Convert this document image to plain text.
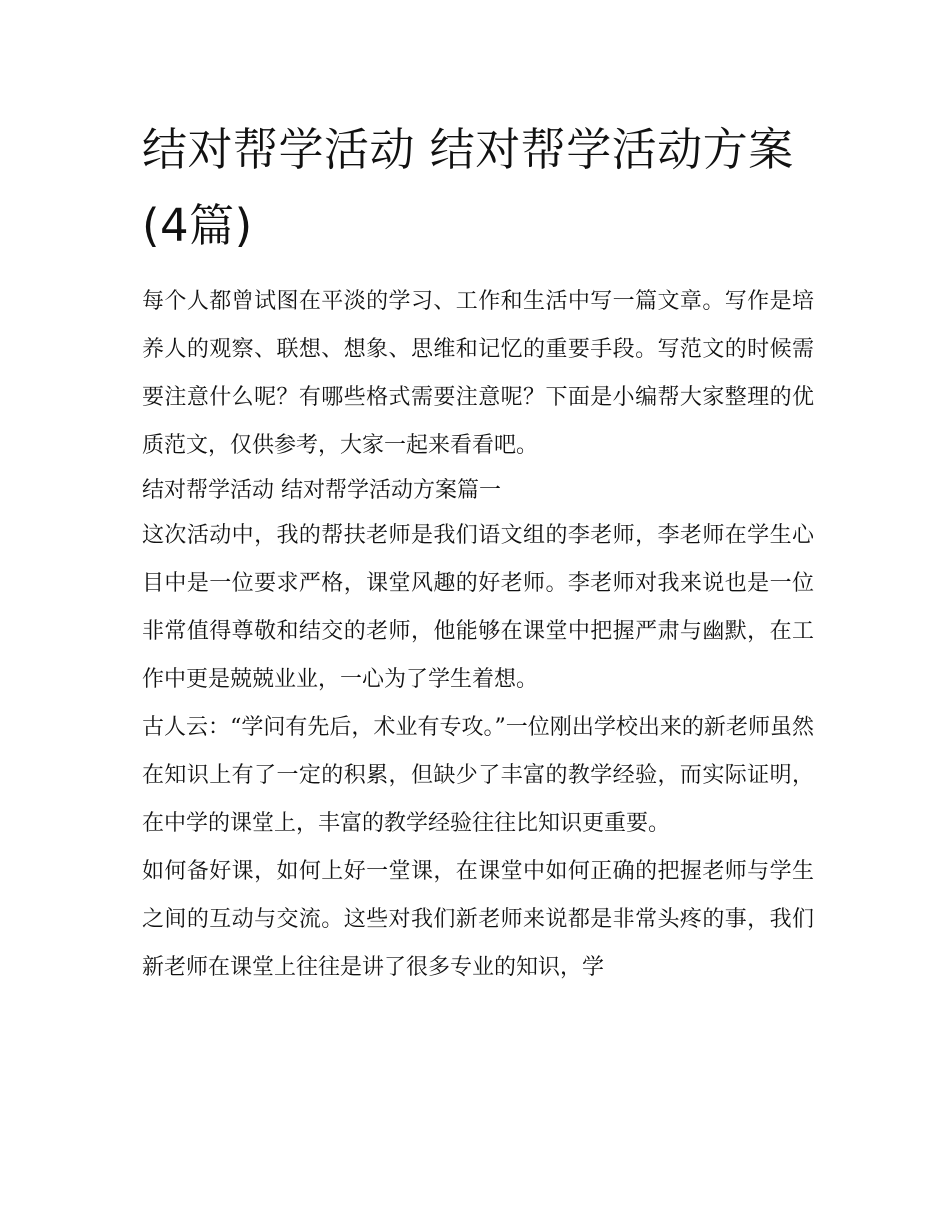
结对帮学活动 结对帮学活动方案(4篇)

每个人都曾试图在平淡的学习、工作和生活中写一篇文章。写作是培养人的观察、联想、想象、思维和记忆的重要手段。写范文的时候需要注意什么呢？有哪些格式需要注意呢？下面是小编帮大家整理的优质范文，仅供参考，大家一起来看看吧。

结对帮学活动 结对帮学活动方案篇一

这次活动中，我的帮扶老师是我们语文组的李老师，李老师在学生心目中是一位要求严格，课堂风趣的好老师。李老师对我来说也是一位非常值得尊敬和结交的老师，他能够在课堂中把握严肃与幽默，在工作中更是兢兢业业，一心为了学生着想。

古人云：“学问有先后，术业有专攻。”一位刚出学校出来的新老师虽然在知识上有了一定的积累，但缺少了丰富的教学经验，而实际证明，在中学的课堂上，丰富的教学经验往往比知识更重要。

如何备好课，如何上好一堂课，在课堂中如何正确的把握老师与学生之间的互动与交流。这些对我们新老师来说都是非常头疼的事，我们新老师在课堂上往往是讲了很多专业的知识，学
